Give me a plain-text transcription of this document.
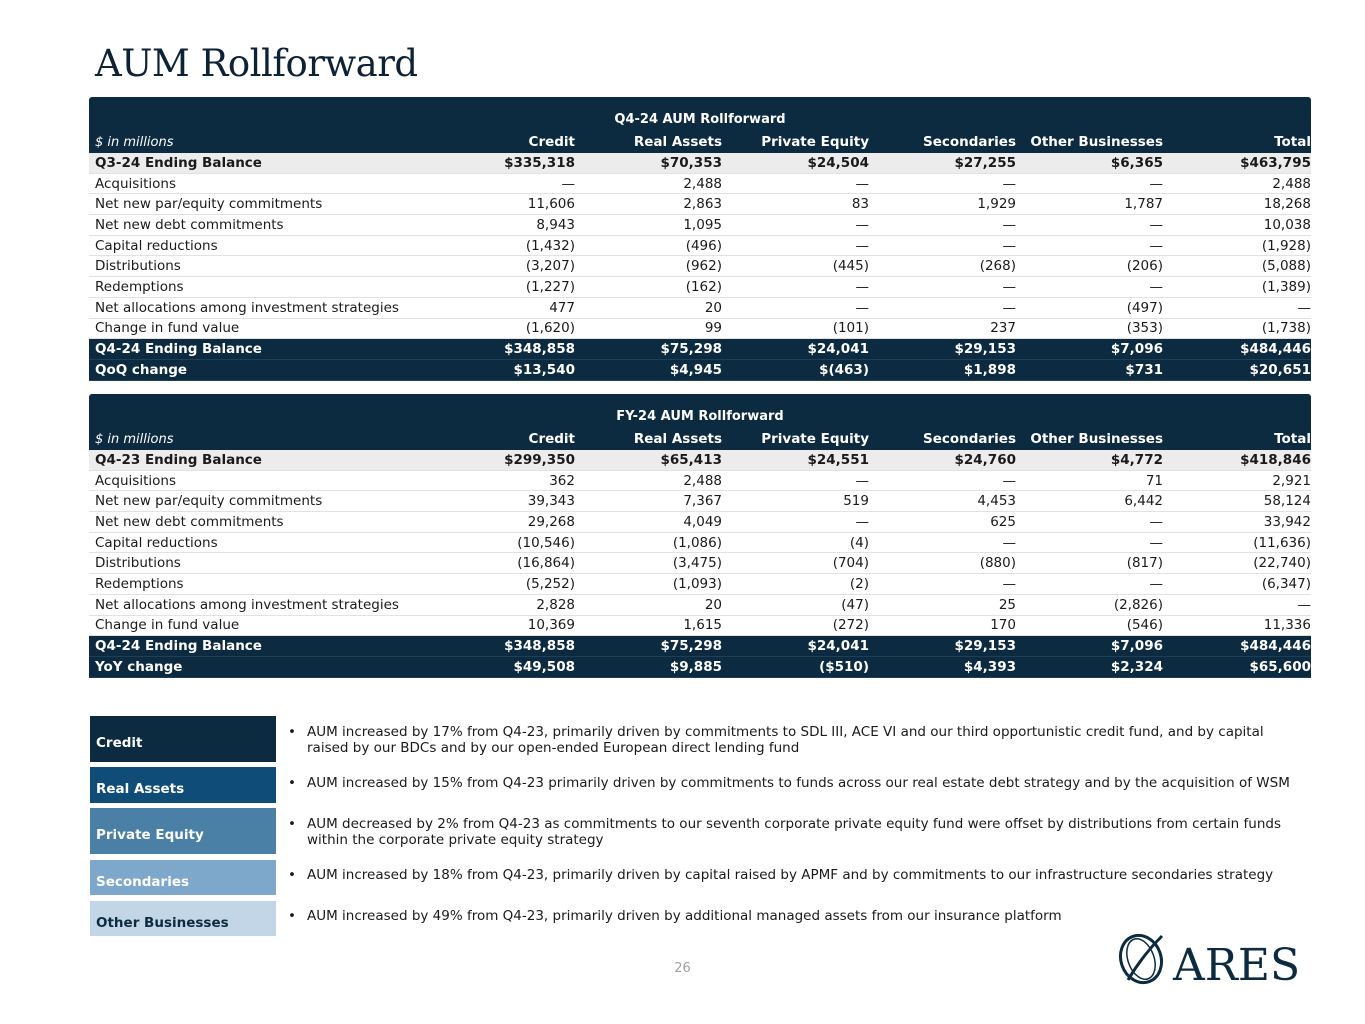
AUM Rollforward
Q4-24 AUM Rollforward
$ in millions	Credit	Real Assets	Private Equity	Secondaries	Other Businesses	Total
Q3-24 Ending Balance	$335,318	$70,353	$24,504	$27,255	$6,365	$463,795
Acquisitions	—	2,488	—	—	—	2,488
Net new par/equity commitments	11,606	2,863	83	1,929	1,787	18,268
Net new debt commitments	8,943	1,095	—	—	—	10,038
Capital reductions	(1,432)	(496)	—	—	—	(1,928)
Distributions	(3,207)	(962)	(445)	(268)	(206)	(5,088)
Redemptions	(1,227)	(162)	—	—	—	(1,389)
Net allocations among investment strategies	477	20	—	—	(497)	—
Change in fund value	(1,620)	99	(101)	237	(353)	(1,738)
Q4-24 Ending Balance	$348,858	$75,298	$24,041	$29,153	$7,096	$484,446
QoQ change	$13,540	$4,945	$(463)	$1,898	$731	$20,651
FY-24 AUM Rollforward
$ in millions	Credit	Real Assets	Private Equity	Secondaries	Other Businesses	Total
Q4-23 Ending Balance	$299,350	$65,413	$24,551	$24,760	$4,772	$418,846
Acquisitions	362	2,488	—	—	71	2,921
Net new par/equity commitments	39,343	7,367	519	4,453	6,442	58,124
Net new debt commitments	29,268	4,049	—	625	—	33,942
Capital reductions	(10,546)	(1,086)	(4)	—	—	(11,636)
Distributions	(16,864)	(3,475)	(704)	(880)	(817)	(22,740)
Redemptions	(5,252)	(1,093)	(2)	—	—	(6,347)
Net allocations among investment strategies	2,828	20	(47)	25	(2,826)	—
Change in fund value	10,369	1,615	(272)	170	(546)	11,336
Q4-24 Ending Balance	$348,858	$75,298	$24,041	$29,153	$7,096	$484,446
YoY change	$49,508	$9,885	($510)	$4,393	$2,324	$65,600
Credit
Real Assets
Private Equity
Secondaries
Other Businesses
• AUM increased by 17% from Q4-23, primarily driven by commitments to SDL III, ACE VI and our third opportunistic credit fund, and by capital raised by our BDCs and by our open-ended European direct lending fund
• AUM increased by 15% from Q4-23 primarily driven by commitments to funds across our real estate debt strategy and by the acquisition of WSM
• AUM decreased by 2% from Q4-23 as commitments to our seventh corporate private equity fund were offset by distributions from certain funds within the corporate private equity strategy
• AUM increased by 18% from Q4-23, primarily driven by capital raised by APMF and by commitments to our infrastructure secondaries strategy
• AUM increased by 49% from Q4-23, primarily driven by additional managed assets from our insurance platform
26	ARES
